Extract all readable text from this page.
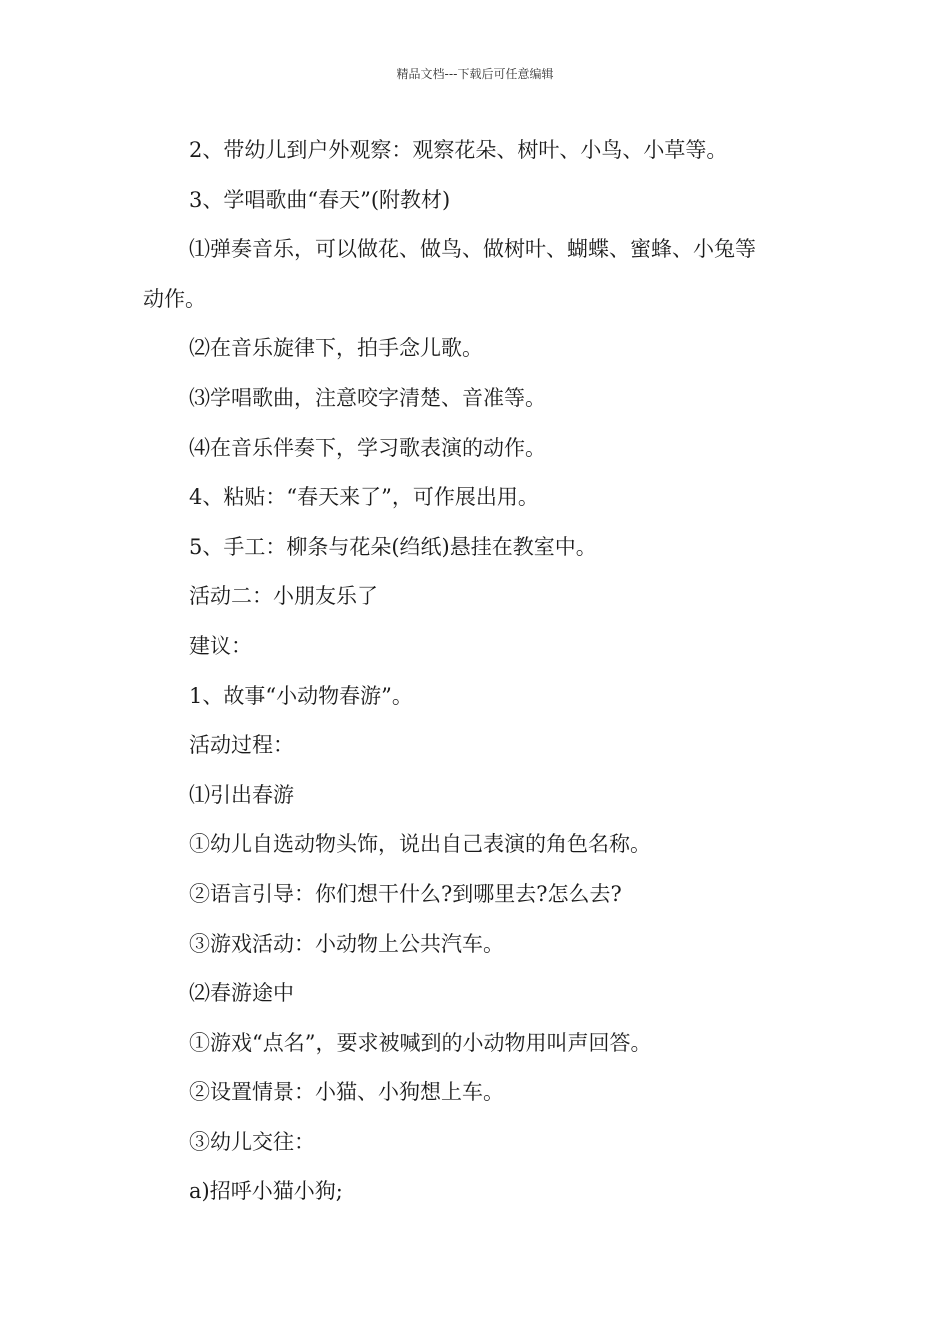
精品文档---下载后可任意编辑
2、带幼儿到户外观察：观察花朵、树叶、小鸟、小草等。
3、学唱歌曲“春天”(附教材)
⑴弹奏音乐，可以做花、做鸟、做树叶、蝴蝶、蜜蜂、小兔等
动作。
⑵在音乐旋律下，拍手念儿歌。
⑶学唱歌曲，注意咬字清楚、音准等。
⑷在音乐伴奏下，学习歌表演的动作。
4、粘贴：“春天来了”，可作展出用。
5、手工：柳条与花朵(绉纸)悬挂在教室中。
活动二：小朋友乐了
建议：
1、故事“小动物春游”。
活动过程：
⑴引出春游
①幼儿自选动物头饰，说出自己表演的角色名称。
②语言引导：你们想干什么?到哪里去?怎么去?
③游戏活动：小动物上公共汽车。
⑵春游途中
①游戏“点名”，要求被喊到的小动物用叫声回答。
②设置情景：小猫、小狗想上车。
③幼儿交往：
a)招呼小猫小狗;
